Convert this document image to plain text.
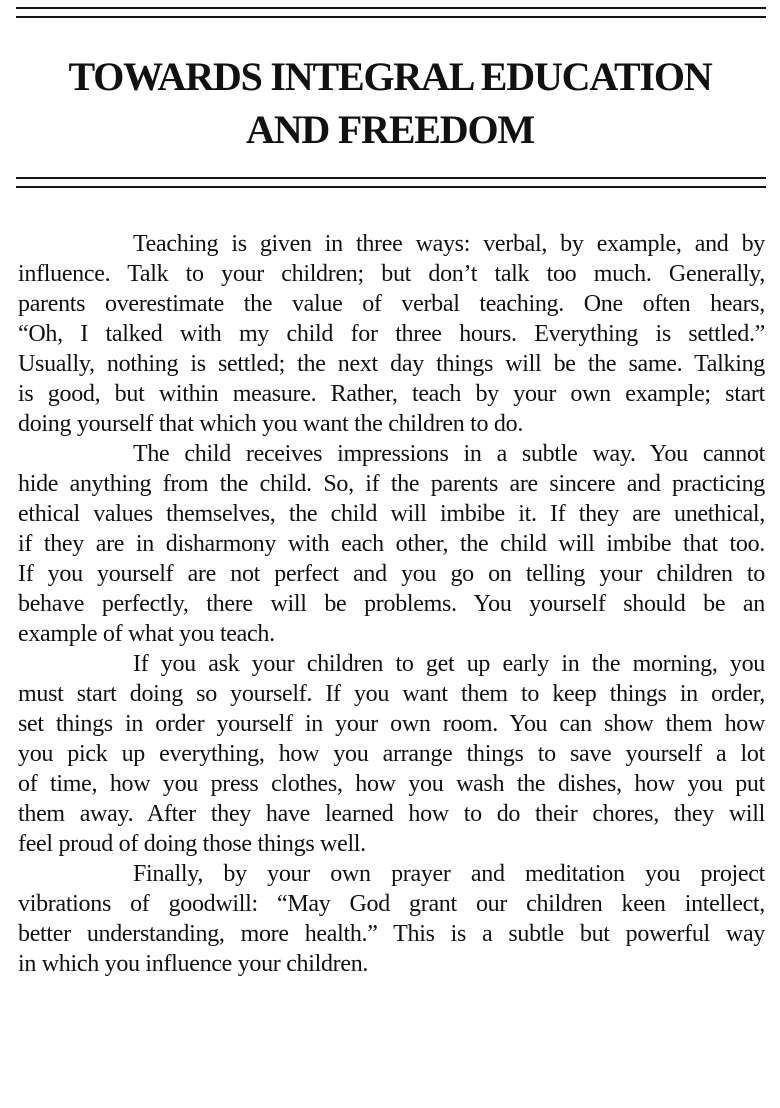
TOWARDS INTEGRAL EDUCATION
AND FREEDOM
Teaching is given in three ways: verbal, by example, and by
influence. Talk to your children; but don’t talk too much. Generally,
parents overestimate the value of verbal teaching. One often hears,
“Oh, I talked with my child for three hours. Everything is settled.”
Usually, nothing is settled; the next day things will be the same. Talking
is good, but within measure. Rather, teach by your own example; start
doing yourself that which you want the children to do.
The child receives impressions in a subtle way. You cannot
hide anything from the child. So, if the parents are sincere and practicing
ethical values themselves, the child will imbibe it. If they are unethical,
if they are in disharmony with each other, the child will imbibe that too.
If you yourself are not perfect and you go on telling your children to
behave perfectly, there will be problems. You yourself should be an
example of what you teach.
If you ask your children to get up early in the morning, you
must start doing so yourself. If you want them to keep things in order,
set things in order yourself in your own room. You can show them how
you pick up everything, how you arrange things to save yourself a lot
of time, how you press clothes, how you wash the dishes, how you put
them away. After they have learned how to do their chores, they will
feel proud of doing those things well.
Finally, by your own prayer and meditation you project
vibrations of goodwill: “May God grant our children keen intellect,
better understanding, more health.” This is a subtle but powerful way
in which you influence your children.
